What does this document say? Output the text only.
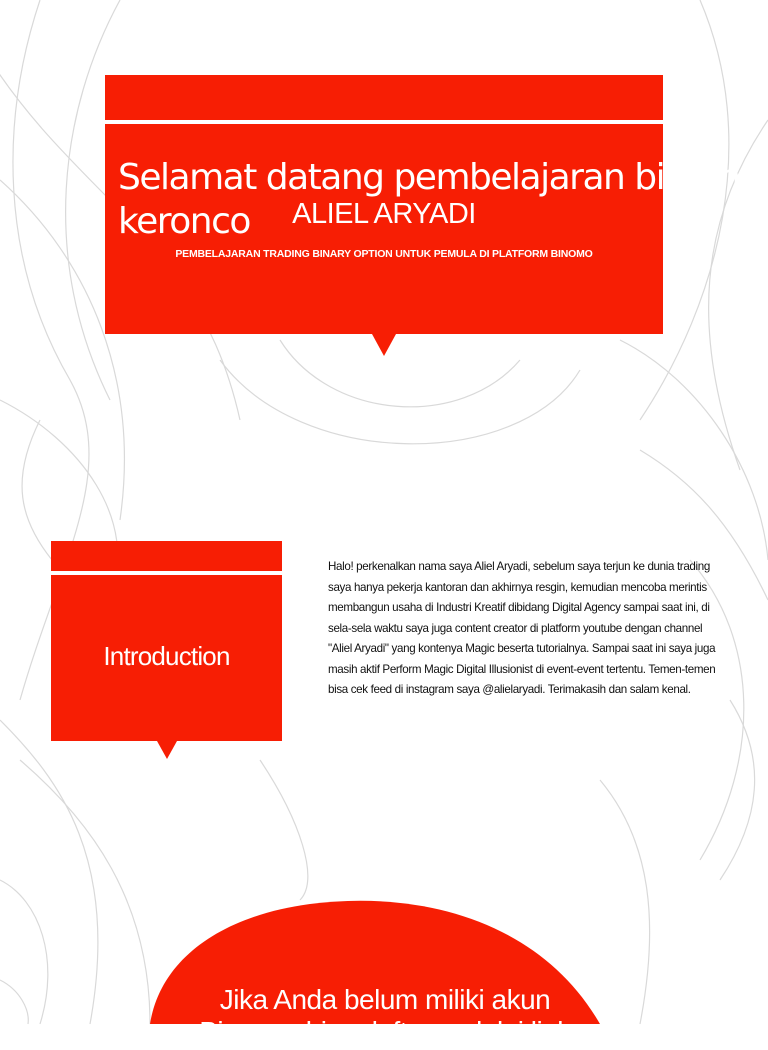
Selamat datang pembelajaran binomo
keronco	ALIEL ARYADI
PEMBELAJARAN TRADING BINARY OPTION UNTUK PEMULA DI PLATFORM BINOMO
Introduction
Halo! perkenalkan nama saya Aliel Aryadi, sebelum saya terjun ke dunia trading saya hanya pekerja kantoran dan akhirnya resgin, kemudian mencoba merintis membangun usaha di Industri Kreatif dibidang Digital Agency sampai saat ini, di sela-sela waktu saya juga content creator di platform youtube dengan channel "Aliel Aryadi" yang kontenya Magic beserta tutorialnya. Sampai saat ini saya juga masih aktif Perform Magic Digital Illusionist di event-event tertentu. Temen-temen bisa cek feed di instagram saya @alielaryadi. Terimakasih dan salam kenal.
Jika Anda belum miliki akun
Binomo, bisa daftar melalui link
